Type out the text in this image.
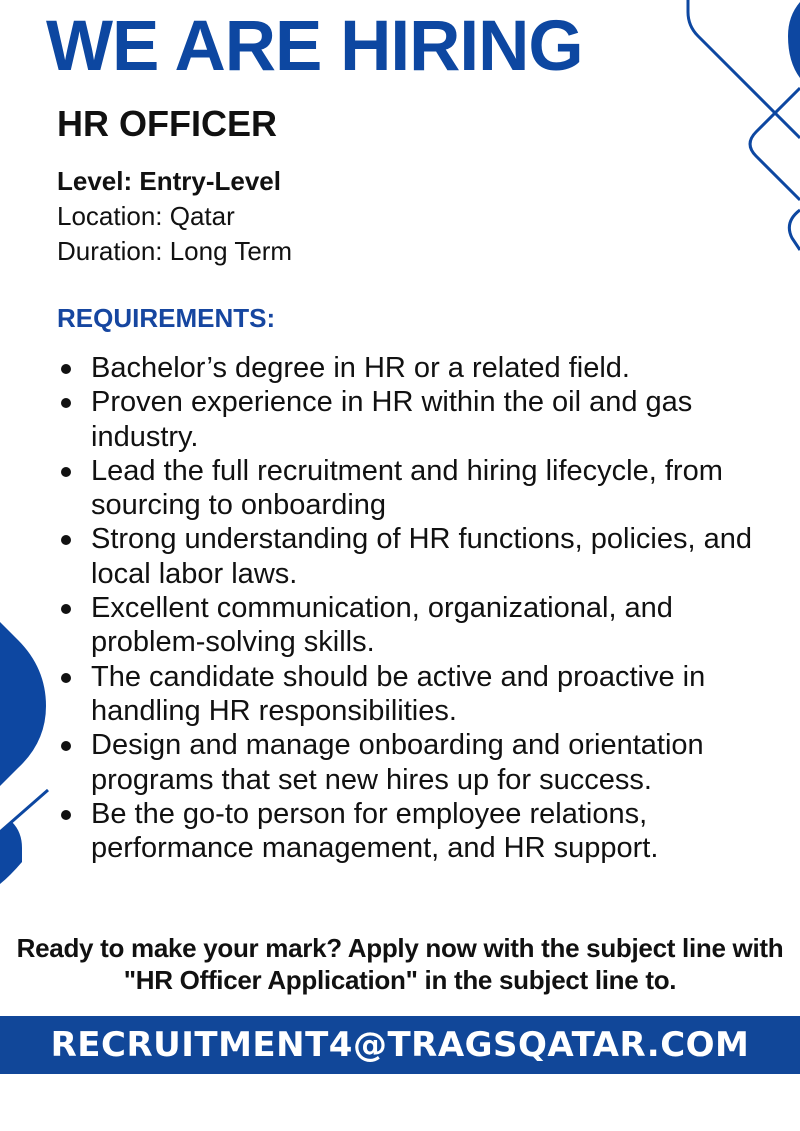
WE ARE HIRING
HR OFFICER
Level: Entry-Level
Location: Qatar
Duration: Long Term
REQUIREMENTS:
Bachelor’s degree in HR or a related field.
Proven experience in HR within the oil and gas industry.
Lead the full recruitment and hiring lifecycle, from sourcing to onboarding
Strong understanding of HR functions, policies, and local labor laws.
Excellent communication, organizational, and problem-solving skills.
The candidate should be active and proactive in handling HR responsibilities.
Design and manage onboarding and orientation programs that set new hires up for success.
Be the go-to person for employee relations, performance management, and HR support.

Ready to make your mark? Apply now with the subject line with "HR Officer Application" in the subject line to.

RECRUITMENT4@TRAGSQATAR.COM
